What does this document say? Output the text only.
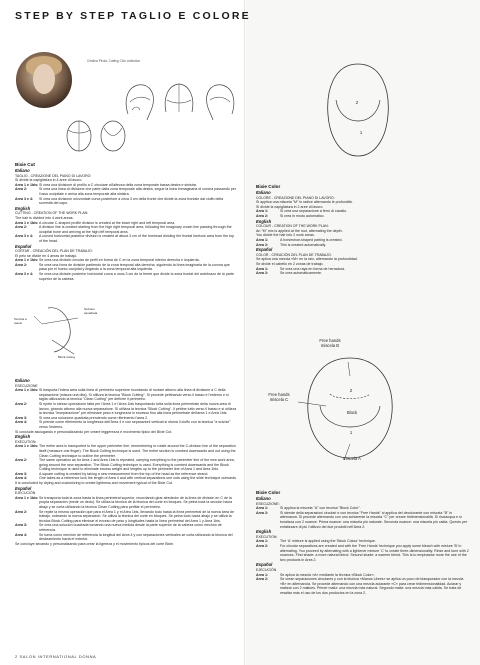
STEP BY STEP TAGLIO E COLORE
Cristina Pirola, Cutting Chic collection
2
1
Free hands
miscela B
Free hands
miscela C
2
Block
1
miscela A
Tecnica a rasoio
Sezione squadrata
Block cutting
Bixie Cut
Italiano
TAGLIO - CREAZIONE DEL PIANO DI LAVORO:
Si divide la capigliatura in 4 aree di lavoro.
Area 1 e 1bis: Si crea una divisione di profilo a C circolare all'altezza della zona temporale bassa destra e sinistra.
Area 2:	Si crea una linea di divisione che parte dalla zona temporale alta destra, segue la linea immaginaria di corona passando per l'osso occipitale e arriva alla zona temporale alta sinistra.
Area 3 e 4:	Si crea una divisione orizzontale curva posteriore a circa 3 cm della fronte che divide la zona frontale dal ciuffo della sommità del capo.
English
CUTTING - CREATION OF THE WORK PLAN:
The hair is divided into 4 work areas.
Area 1 e 1bis: A circular C-shaped profile division is created at the lower right and left temporal area.
Area 2:	A division line is created starting from the high right temporal area, following the imaginary crown line passing through the occipital bone and arriving at the high left temporal area.
Area 3 e 4:	A curved horizontal posterior division is created at about 3 cm of the forehead dividing the frontal forelock area from the top of the head.
Español
CORTAR - CREACIÓN DEL PLAN DE TRABAJO:
El pelo se divide en 4 áreas de trabajo.
Area 1 e 1bis: Se crea una división circular de perfil en forma de C en la zona temporal inferior derecha e izquierda.
Area 2:	Se crea una línea de división partiendo de la zona temporal alta derecha, siguiendo la línea imaginaria de la corona que pasa por el hueso occipital y llegando a la zona temporal alta izquierda.
Area 3 e 4:	Se crea una división posterior horizontal curva a unos 3 cm de la frente que divide la zona frontal del antebrazo de la parte superior de la cabeza.
Italiano
ESECUZIONE
Area 1 e 1bis: Si trasporta l'intera area sulla linea di perimetro superiore ricordando di ruotare attorno alla linea di divisione a C della separazione (misura una dita). Si utilizza la tecnica "Block Cutting". Si procede pettinando verso il basso e l'esterno e si taglia utilizzando la tecnica "Clean Cutting" per definire il perimetro.
Area 2:	Si ripete lo stesso operazione fatta per l'Area 1 e l'Area 1bis trasportando tutta sulla linea perimetrale della nuova area di lavoro, girando attorno alla nuova separazione. Si utilizza la tecnica "Block Cutting". Il pettine tutto verso il basso e si utilizza la tecnica "inseparazione" per eliminare peso e lunghezza in eccesso fino alla linea perimetrale dell'area 1 e Area 1bis.
Area 3:	Si crea una soluzione quadrata prendendo come riferimento l'area 2.
Area 4:	Si prende come riferimento la lunghezza dell'Area 4 e con separazioni verticali si sfuma il ciuffo con la tecnica "a scivolo" verso l'esterno.
Si conclude asciugando e personalizzando per creare leggerezza e movimento tipico del Bixie Cut.
English
EXECUTION:
Area 1 e 1bis: The entire area is transported to the upper perimeter line, remembering to rotate around the C-division line of the separation itself (measure one finger). The Block Cutting technique is used. The entire section is combed downwards and out using the Clean Cutting technique to outline the perimeter.
Area 2:	The same operation as for Area 1 and Area 1bis is repeated, carrying everything to the perimeter line of the new work area, going around the new separation. The Block Cutting technique is used. Everything is combed downwards and the Block Cutting technique is used to eliminate excess weight and lengths up to the perimeter line of Area 1 and Area 1bis.
Area 3:	A square cutting is created by taking a new measurement from the top of the head as the reference strand.
Area 4:	One takes as a reference lock the length of Area 4 and with vertical separations one cuts using the slide technique outwards.
It is concluded by drying and customizing to create lightness and movement typical of the Bixie Cut.
Español
EJECUCIÓN
Area 1 e 1bis: Se transporta toda la zona hasta la línea perimetral superior, recordando girar alrededor de la línea de división en C de la propia separación (medir un dedo). Se utiliza la técnica de la técnica del corte en bloques. Se peina toda la sección hacia abajo y se corta utilizando la técnica Clean Cutting para perfilar el perímetro.
Area 2:	Se repite la misma operación que para el Area 1 y el Area 1bis, llevando todo hasta la línea perimetral de la nueva área de trabajo, rodeando la nueva separación. Se utiliza la técnica del corte en bloques. Se peina todo hacia abajo y se utiliza la técnica Block Cutting para eliminar el exceso de peso y longitudes hasta la línea perimetral del Area 1 y Area 1bis.
Area 3:	Se crea una solución cuadrada tomando una nueva medida desde la parte superior de la cabeza como mechón de referencia.
Area 4:	Se toma como mechón de referencia la longitud del Area 4 y con separaciones verticales se corta utilizando la técnica del deslizamiento hacia el exterior.
Se concluye secando y personalizando para crear la ligereza y el movimiento típicos del corte Bixie.
Bixie Color
Italiano
COLORE - CREAZIONE DEL PIANO DI LAVORO:
Si applica una miscela "M" in radice alternando le profondità.
Si divide la capigliatura in 2 aree di lavoro.
Area 1:	Si crea una separazione a ferro di cavallo.
Area 2:	Si crea in modo automatico.
English
COLOUR - CREATION OF THE WORK PLAN:
An "M" mix is applied at the root, alternating the depth.
You divide the hair into 2 work areas.
Area 1:	A horseshoe-shaped parting is created.
Area 2:	This is created automatically.
Español
COLOR - CREACIÓN DEL PLAN DE TRABAJO:
Se aplica una mezcla «M» en la raíz, alternando la profundidad.
Se divide el cabello en 2 zonas de trabajo.
Area 1:	Se crea una raya en forma de herradura.
Area 2:	Se crea automáticamente.
Bixie Color
Italiano
ESECUZIONE:
Area 1:	Si applica la miscela "A" con tecnica "Block Color".
Area 2:	Si stende della separazioni circolari e con tecnica "Free Hands" si applica del decolorante con miscela "B" in alternanza. Si procede alternando con uno schiarente la miscela "C" per creare tridimensionalità. Si risciacqua e si tonalizza con 2 nuance. Prima nuance: una miscela più naturale. Seconda nuance: una miscela più calda. Questo per enfatizzare di più l'utilizzo dei due prodotti nell'Area 2.
English
EXECUTION:
Area 1:	The 'A' mixture is applied using the 'Block Colour' technique.
Area 2:	For circular separations are created and with the 'Free Hands' technique you apply some bleach with mixture 'B' in alternating. You proceed by alternating with a lightener mixture 'C' to create three-dimensionality. Rinse and tone with 2 nuances. First shade: a more natural blend. Second shade: a warmer blend. This is to emphasise more the use of the two products in Area 2.
Español
EJECUCIÓN
Area 1:	Se aplica la mezcla «A» mediante la técnica «Block Color».
Area 2:	Se crean separaciones circulares y con la técnica «Manos Libres» se aplica un poco de blanqueador con la mezcla «B» en alternancia. Se procede alternando con una mezcla aclarante «C» para crear tridimensionalidad. Aclarar y matizar con 2 matices. Primer matiz: una mezcla más natural. Segundo matiz: una mezcla más cálida. Se trata de resaltar más el uso de los dos productos en la zona 2.
2 SALON INTERNATIONAL DONNA
